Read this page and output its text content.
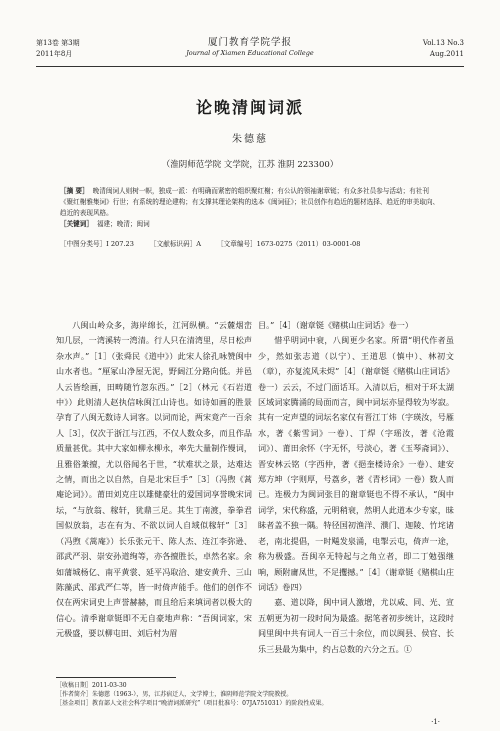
第13卷 第3期
2011年8月
厦门教育学院学报
Journal of Xiamen Educational College
Vol.13 No.3
Aug.2011
论晚清闽词派
朱德慈
（淮阴师范学院 文学院，江苏 淮阴 223300）

［摘 要］ 晚清闽词人则树一帜，独成一派：有明确而紧密的组织聚红榭；有公认的领袖谢章铤；有众多社员参与活动；有社刊《聚红榭雅集词》行世；有系统的理论建构；有支撑其理论架构的选本《闽词征》；社员创作有趋近的题材选择、趋近的审美取向、趋近的表现风格。

［关键词］ 福建；晚清；闽词

［中图分类号］I 207.23 ［文献标识码］A ［文章编号］1673-0275（2011）03-0001-08

八闽山岭众多，海岸绵长，江河纵横。“云麓烟峦知几层，一湾溪转一湾清。行人只在清湾里，尽日松声杂水声。”［1］（张舜民《道中》）此宋人徐孔咏赞闽中山水者也。“厘冢山净屋无泥，野阔江分路向低。并邑人云皆绘画，田畴随竹忽东西。”［2］（林元《石岩道中》）此则清人赵执信咏闽江山诗也。如诗如画的胜景孕育了八闽无数诗人词客。以词而论，两宋竟产一百余人［3］，仅次于浙江与江西，不仅人数众多，而且作品质量甚优。其中大家如柳永柳永，率先大量制作慢词，且雅俗兼擅，尤以俗闻名于世，“状难状之景，达难达之情，而出之以自然，自是北宋巨手”［3］（冯煦《蒿庵论词》）。莆田刘克庄以雄健豪壮的爱国词享誉晚宋词坛，“与放翁、稼轩，犹鼎三足。其生丁南渡，拳拳君国似放翁，志在有为、不欲以词人自域似稼轩”［3］（冯煦《蒿庵》）长乐张元干、陈人杰、连江李弥逊、邵武严羽、崇安孙道绚等，亦各擅胜长，卓然名家。余如蒲城杨亿、南平黄裳、延平冯取洽、建安黄升、三山陈藻武、邵武严仁等，皆一时倚声能手。他们的创作不仅在两宋词史上声誉赫赫，而且给后来填词者以极大的信心。清季谢章铤即不无自豪地声称：“吾闽词家，宋元极盛，要以柳屯田、刘后村为眉

目。”［4］（谢章铤《赌棋山庄词话》卷一）

惜乎明词中衰，八闽更少名家。所谓“明代作者虽少，然如张志道（以宁）、王道思（慎中）、林初文（章），亦复流风未烬”［4］（谢章铤《赌棋山庄词话》卷一）云云，不过门面话耳。入清以后，相对于环太湖区域词家腾涌的局面而言，闽中词坛亦显得较为岑寂。其有一定声望的词坛名家仅有晋江丁炜（字瑛汝，号雁水，著《紫雪词》一卷）、丁焊（字瑶汝，著《沧霞词》）、莆田余怀（字无怀，号淡心，著《玉琴斋词》）、晋安林云铭（字西仲，著《挹奎楼诗余》一卷）、建安郑方坤（字则厚，号荔乡，著《青杉词》一卷）数人而已。连极力为闽词张目的谢章铤也不得不承认，“闽中词学，宋代称盛，元明稍衰，然明人此道本少专家，昧眛者盖不独一隅。特径国初渔洋、濮门、迦陵、竹垞诸老，南北提倡，一时飚发泉涌，电掣云屯，倚声一途，称为极盛。吾闽卒无特起与之角立者，即二丁勉强继响，顾附庸凤世，不足攫撼。”［4］（谢章铤《赌棋山庄词话》卷四）

嘉、道以降，闽中词人激增，尤以咸、同、光、宣五朝更为初一段时间为最盛。据笔者初步统计，这段时间里闽中共有词人一百三十余位，而以闽县、侯官、长乐三县最为集中，约占总数的六分之五。①

［收稿日期］2011-03-30

［作者简介］朱德慈（1963-），男，江苏宿迁人，文学博士，淮阴师范学院文学院教授。

［基金项目］教育部人文社会科学项目“晚清词派研究”（项目批准号：07JA751031）的阶段性成果。

·1·
